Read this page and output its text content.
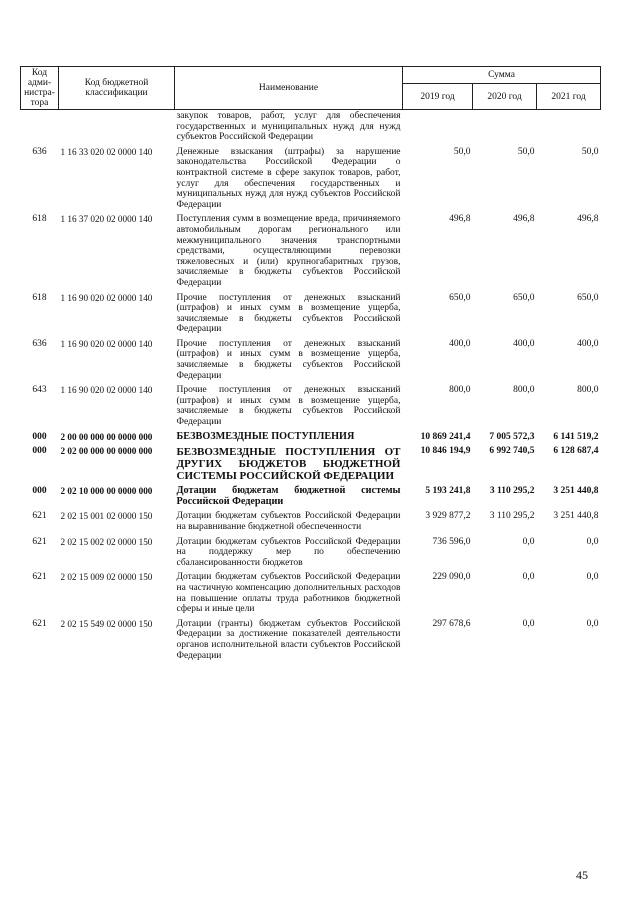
Код адми-нистра-тора	Код бюджетной классификации	Наименование	Сумма		
			2019 год	2020 год	2021 год
		закупок товаров, работ, услуг для обеспечения государственных и муниципальных нужд для нужд субъектов Российской Федерации			
636	1 16 33 020 02 0000 140	Денежные взыскания (штрафы) за нарушение законодательства Российской Федерации о контрактной системе в сфере закупок товаров, работ, услуг для обеспечения государственных и муниципальных нужд для нужд субъектов Российской Федерации	50,0	50,0	50,0
618	1 16 37 020 02 0000 140	Поступления сумм в возмещение вреда, причиняемого автомобильным дорогам регионального или межмуниципального значения транспортными средствами, осуществляющими перевозки тяжеловесных и (или) крупногабаритных грузов, зачисляемые в бюджеты субъектов Российской Федерации	496,8	496,8	496,8
618	1 16 90 020 02 0000 140	Прочие поступления от денежных взысканий (штрафов) и иных сумм в возмещение ущерба, зачисляемые в бюджеты субъектов Российской Федерации	650,0	650,0	650,0
636	1 16 90 020 02 0000 140	Прочие поступления от денежных взысканий (штрафов) и иных сумм в возмещение ущерба, зачисляемые в бюджеты субъектов Российской Федерации	400,0	400,0	400,0
643	1 16 90 020 02 0000 140	Прочие поступления от денежных взысканий (штрафов) и иных сумм в возмещение ущерба, зачисляемые в бюджеты субъектов Российской Федерации	800,0	800,0	800,0
000	2 00 00 000 00 0000 000	БЕЗВОЗМЕЗДНЫЕ ПОСТУПЛЕНИЯ	10 869 241,4	7 005 572,3	6 141 519,2
000	2 02 00 000 00 0000 000	БЕЗВОЗМЕЗДНЫЕ ПОСТУПЛЕНИЯ ОТ ДРУГИХ БЮДЖЕТОВ БЮДЖЕТНОЙ СИСТЕМЫ РОССИЙСКОЙ ФЕДЕРАЦИИ	10 846 194,9	6 992 740,5	6 128 687,4
000	2 02 10 000 00 0000 000	Дотации бюджетам бюджетной системы Российской Федерации	5 193 241,8	3 110 295,2	3 251 440,8
621	2 02 15 001 02 0000 150	Дотации бюджетам субъектов Российской Федерации на выравнивание бюджетной обеспеченности	3 929 877,2	3 110 295,2	3 251 440,8
621	2 02 15 002 02 0000 150	Дотации бюджетам субъектов Российской Федерации на поддержку мер по обеспечению сбалансированности бюджетов	736 596,0	0,0	0,0
621	2 02 15 009 02 0000 150	Дотации бюджетам субъектов Российской Федерации на частичную компенсацию дополнительных расходов на повышение оплаты труда работников бюджетной сферы и иные цели	229 090,0	0,0	0,0
621	2 02 15 549 02 0000 150	Дотации (гранты) бюджетам субъектов Российской Федерации за достижение показателей деятельности органов исполнительной власти субъектов Российской Федерации	297 678,6	0,0	0,0
45
